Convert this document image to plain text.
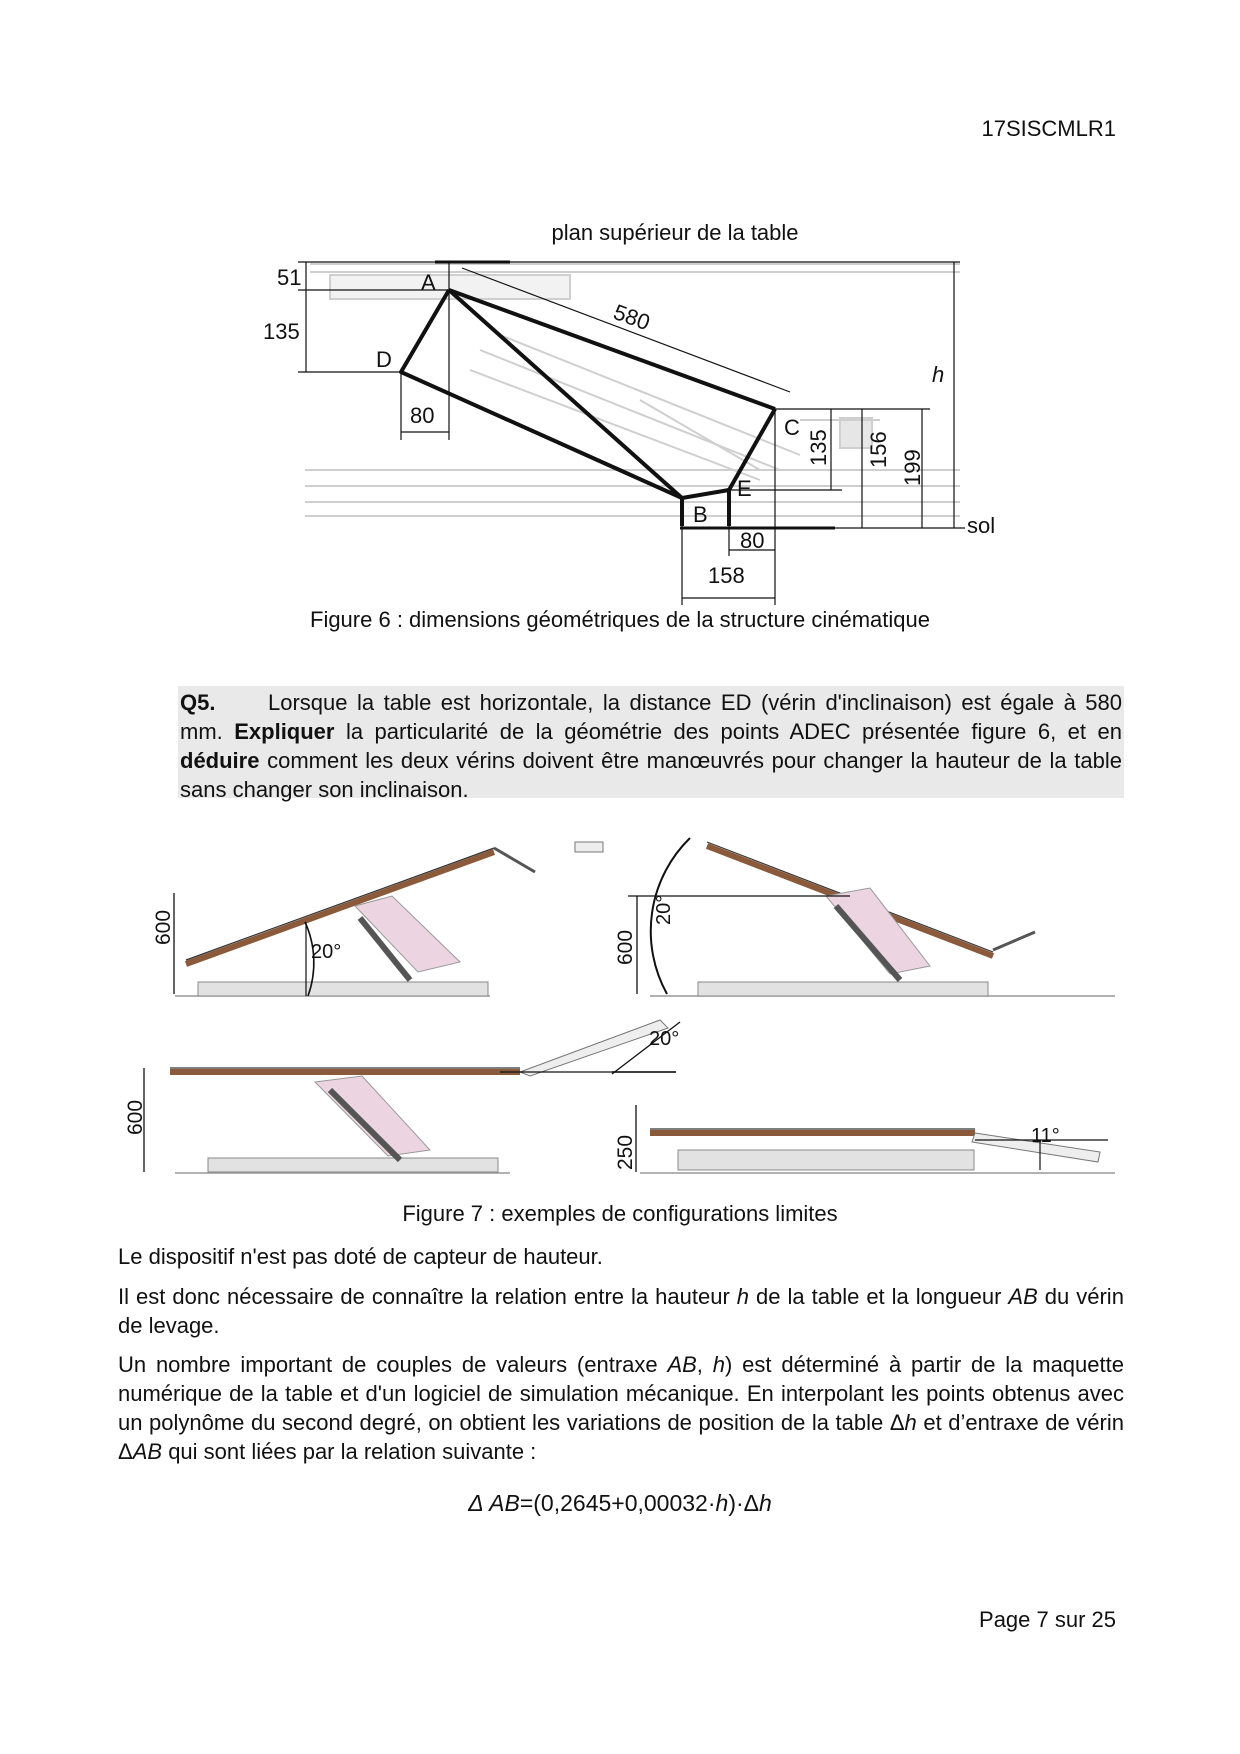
17SISCMLR1
plan supérieur de la table
51
135
80
580
h
135 156 199
80
158
sol
A
B
C
D
E
Figure 6 : dimensions géométriques de la structure cinématique

Q5. Lorsque la table est horizontale, la distance ED (vérin d'inclinaison) est égale à 580 mm. Expliquer la particularité de la géométrie des points ADEC présentée figure 6, et en déduire comment les deux vérins doivent être manœuvrés pour changer la hauteur de la table sans changer son inclinaison.

600
20°	600
20°
600
20°
250	11°
Figure 7 : exemples de configurations limites

Le dispositif n'est pas doté de capteur de hauteur.

Il est donc nécessaire de connaître la relation entre la hauteur h de la table et la longueur AB du vérin de levage.

Un nombre important de couples de valeurs (entraxe AB, h) est déterminé à partir de la maquette numérique de la table et d'un logiciel de simulation mécanique. En interpolant les points obtenus avec un polynôme du second degré, on obtient les variations de position de la table Δh et d’entraxe de vérin ΔAB qui sont liées par la relation suivante :

Δ AB=(0,2645+0,00032·h)·Δh
Page 7 sur 25
